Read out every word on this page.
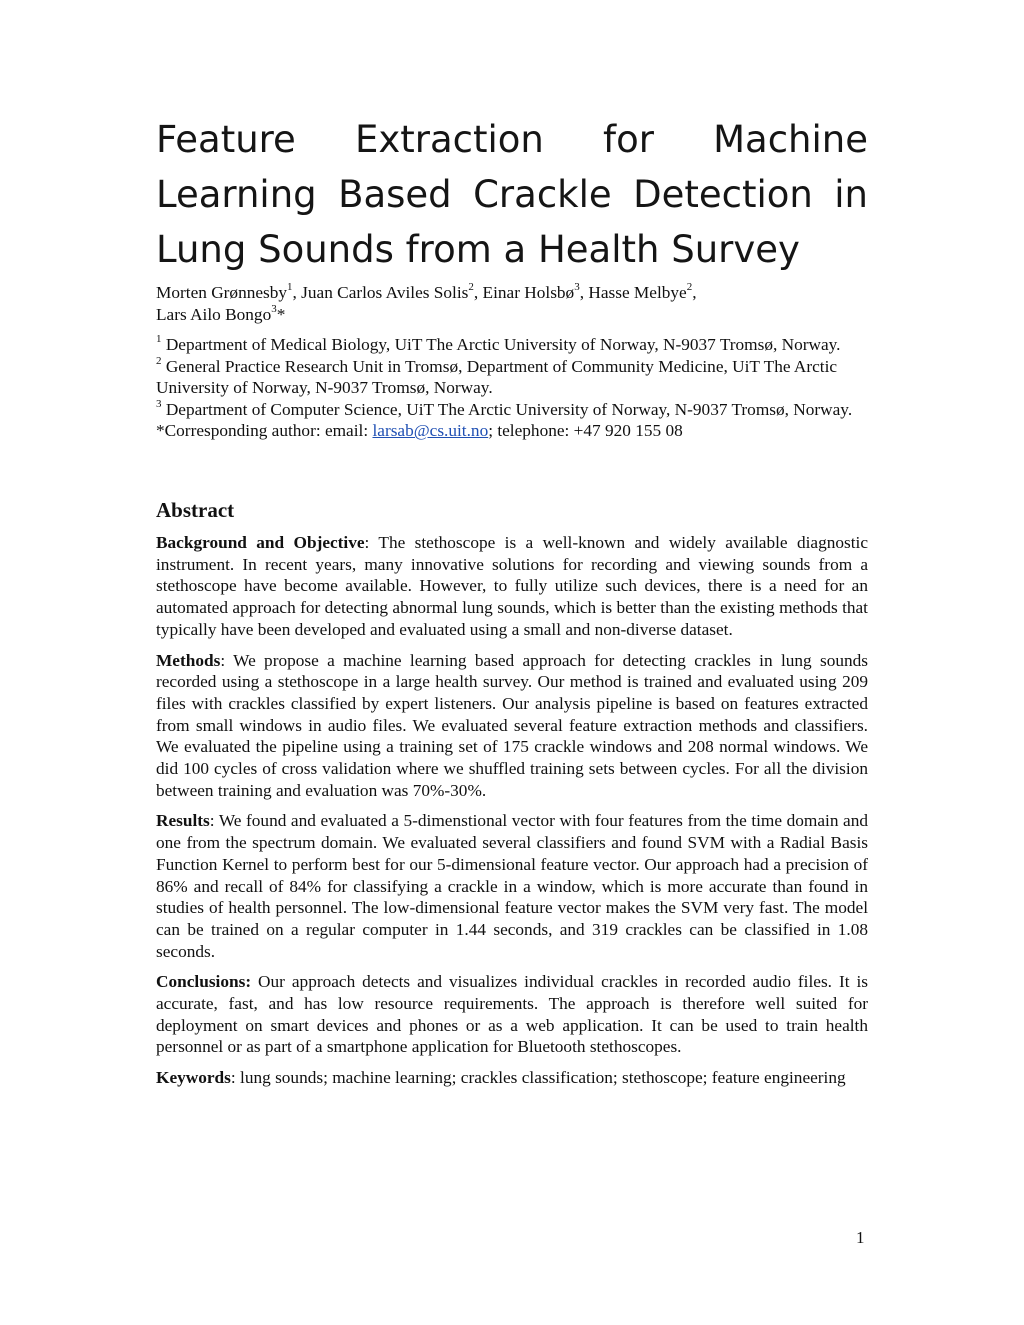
Feature Extraction for Machine Learning Based Crackle Detection in Lung Sounds from a Health Survey
Morten Grønnesby$^1$, Juan Carlos Aviles Solis$^2$, Einar Holsbø$^3$, Hasse Melbye$^2$,
Lars Ailo Bongo$^3$*

$^1$ Department of Medical Biology, UiT The Arctic University of Norway, N-9037 Tromsø, Norway.

$^2$ General Practice Research Unit in Tromsø, Department of Community Medicine, UiT The Arctic University of Norway, N-9037 Tromsø, Norway.

$^3$ Department of Computer Science, UiT The Arctic University of Norway, N-9037 Tromsø, Norway.

*Corresponding author: email: larsab@cs.uit.no; telephone: +47 920 155 08

Abstract

Background and Objective: The stethoscope is a well-known and widely available diagnostic instrument. In recent years, many innovative solutions for recording and viewing sounds from a stethoscope have become available. However, to fully utilize such devices, there is a need for an automated approach for detecting abnormal lung sounds, which is better than the existing methods that typically have been developed and evaluated using a small and non-diverse dataset.

Methods: We propose a machine learning based approach for detecting crackles in lung sounds recorded using a stethoscope in a large health survey. Our method is trained and evaluated using 209 files with crackles classified by expert listeners. Our analysis pipeline is based on features extracted from small windows in audio files. We evaluated several feature extraction methods and classifiers. We evaluated the pipeline using a training set of 175 crackle windows and 208 normal windows. We did 100 cycles of cross validation where we shuffled training sets between cycles. For all the division between training and evaluation was 70%-30%.

Results: We found and evaluated a 5-dimenstional vector with four features from the time domain and one from the spectrum domain. We evaluated several classifiers and found SVM with a Radial Basis Function Kernel to perform best for our 5-dimensional feature vector. Our approach had a precision of 86% and recall of 84% for classifying a crackle in a window, which is more accurate than found in studies of health personnel. The low-dimensional feature vector makes the SVM very fast. The model can be trained on a regular computer in 1.44 seconds, and 319 crackles can be classified in 1.08 seconds.

Conclusions: Our approach detects and visualizes individual crackles in recorded audio files. It is accurate, fast, and has low resource requirements. The approach is therefore well suited for deployment on smart devices and phones or as a web application. It can be used to train health personnel or as part of a smartphone application for Bluetooth stethoscopes.

Keywords: lung sounds; machine learning; crackles classification; stethoscope; feature engineering

1
